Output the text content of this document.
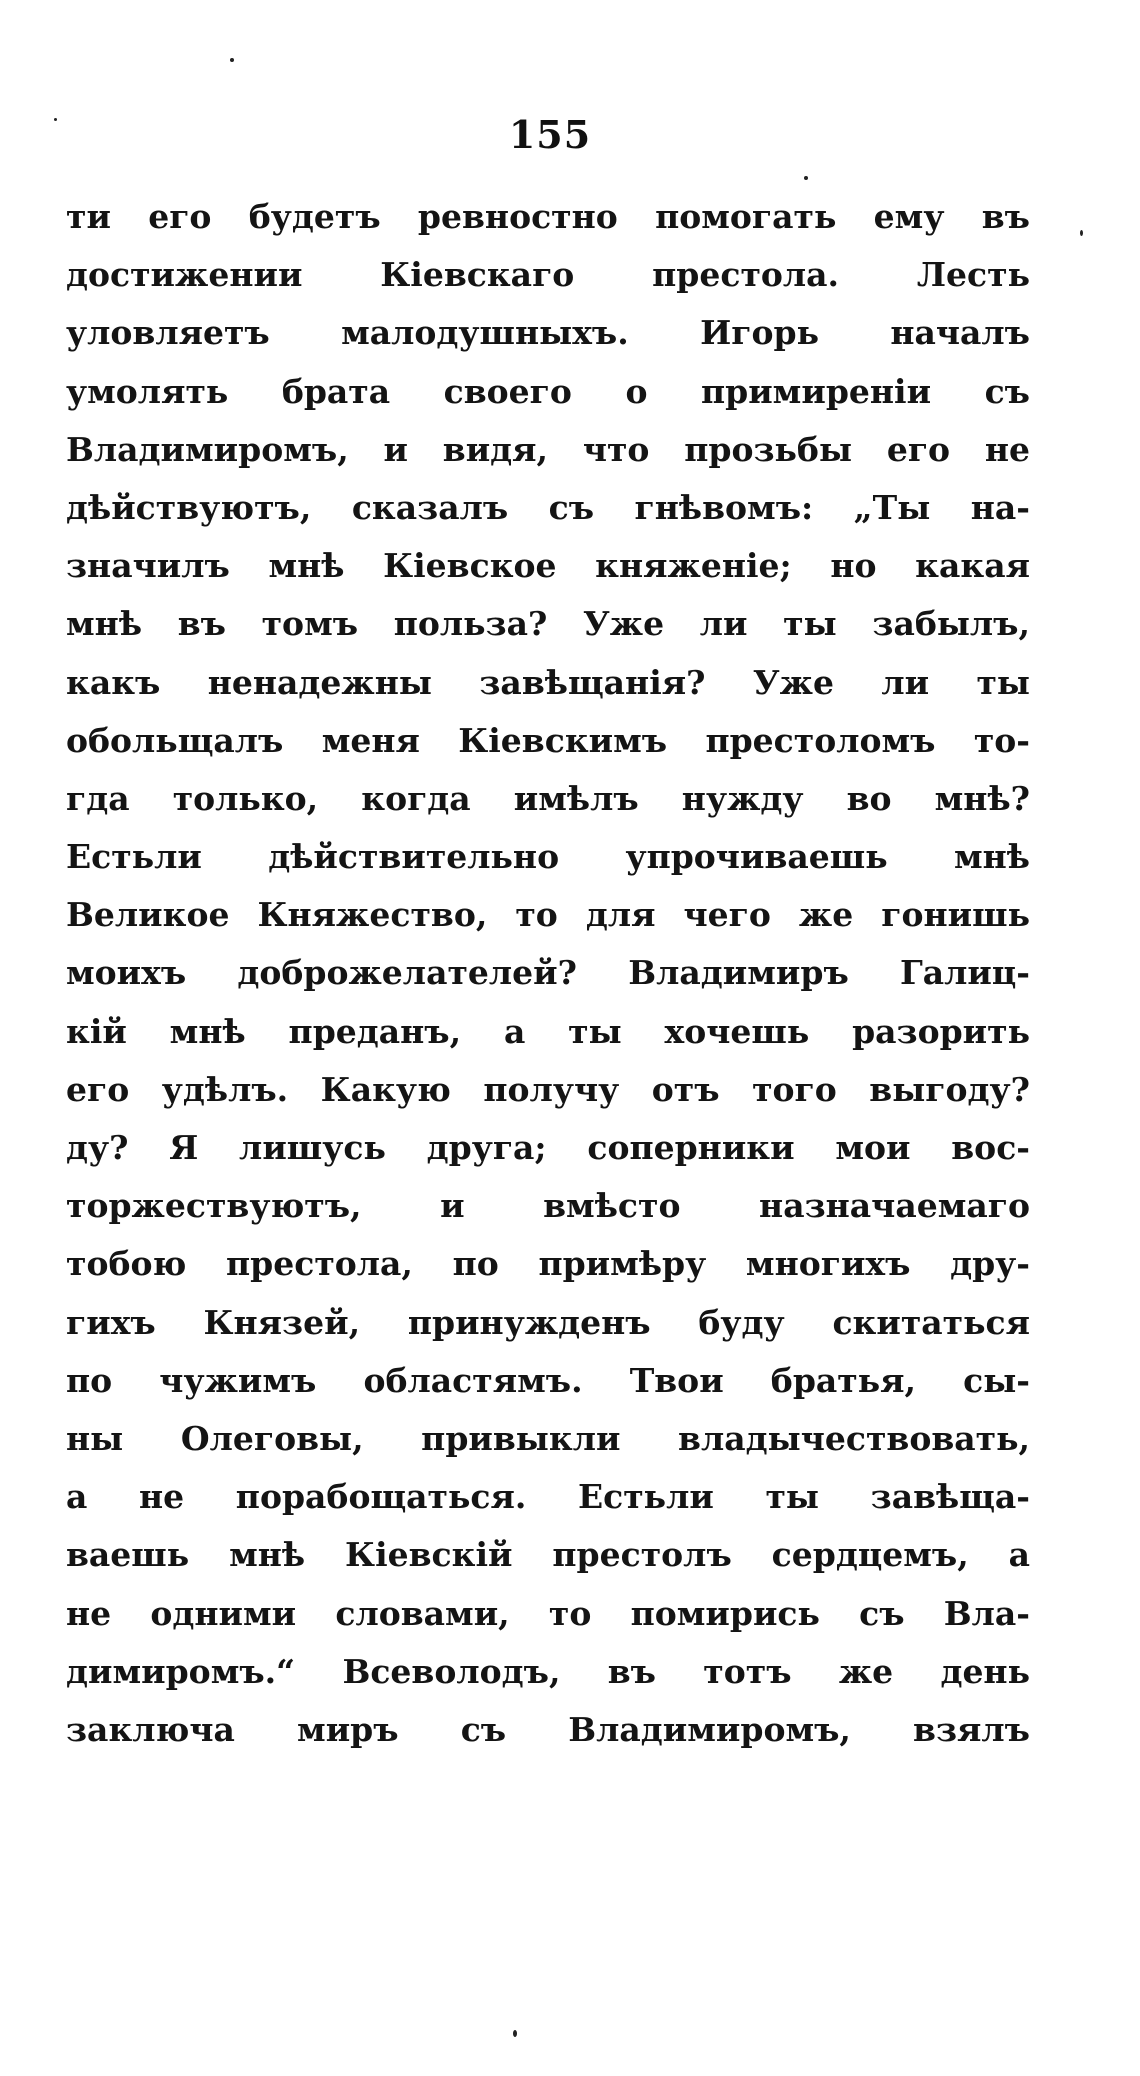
155
ти его будетъ ревностно помогать ему въ
достижении Кіевскаго престола. Лесть
уловляетъ малодушныхъ. Игорь началъ
умолять брата своего о примиреніи съ
Владимиромъ, и видя, что прозьбы его не
дѣйствуютъ, сказалъ съ гнѣвомъ: „Ты на-
значилъ мнѣ Кіевское княженіе; но какая
мнѣ въ томъ польза? Уже ли ты забылъ,
какъ ненадежны завѣщанія? Уже ли ты
обольщалъ меня Кіевскимъ престоломъ то-
гда только, когда имѣлъ нужду во мнѣ?
Естьли дѣйствительно упрочиваешь мнѣ
Великое Княжество, то для чего же гонишь
моихъ доброжелателей? Владимиръ Галиц-
кій мнѣ преданъ, а ты хочешь разорить
его удѣлъ. Какую получу отъ того выгоду?
ду? Я лишусь друга; соперники мои вос-
торжествуютъ, и вмѣсто назначаемаго
тобою престола, по примѣру многихъ дру-
гихъ Князей, принужденъ буду скитаться
по чужимъ областямъ. Твои братья, сы-
ны Олеговы, привыкли владычествовать,
а не порабощаться. Естьли ты завѣща-
ваешь мнѣ Кіевскій престолъ сердцемъ, а
не одними словами, то помирись съ Вла-
димиромъ.“ Всеволодъ, въ тотъ же день
заключа миръ съ Владимиромъ, взялъ
